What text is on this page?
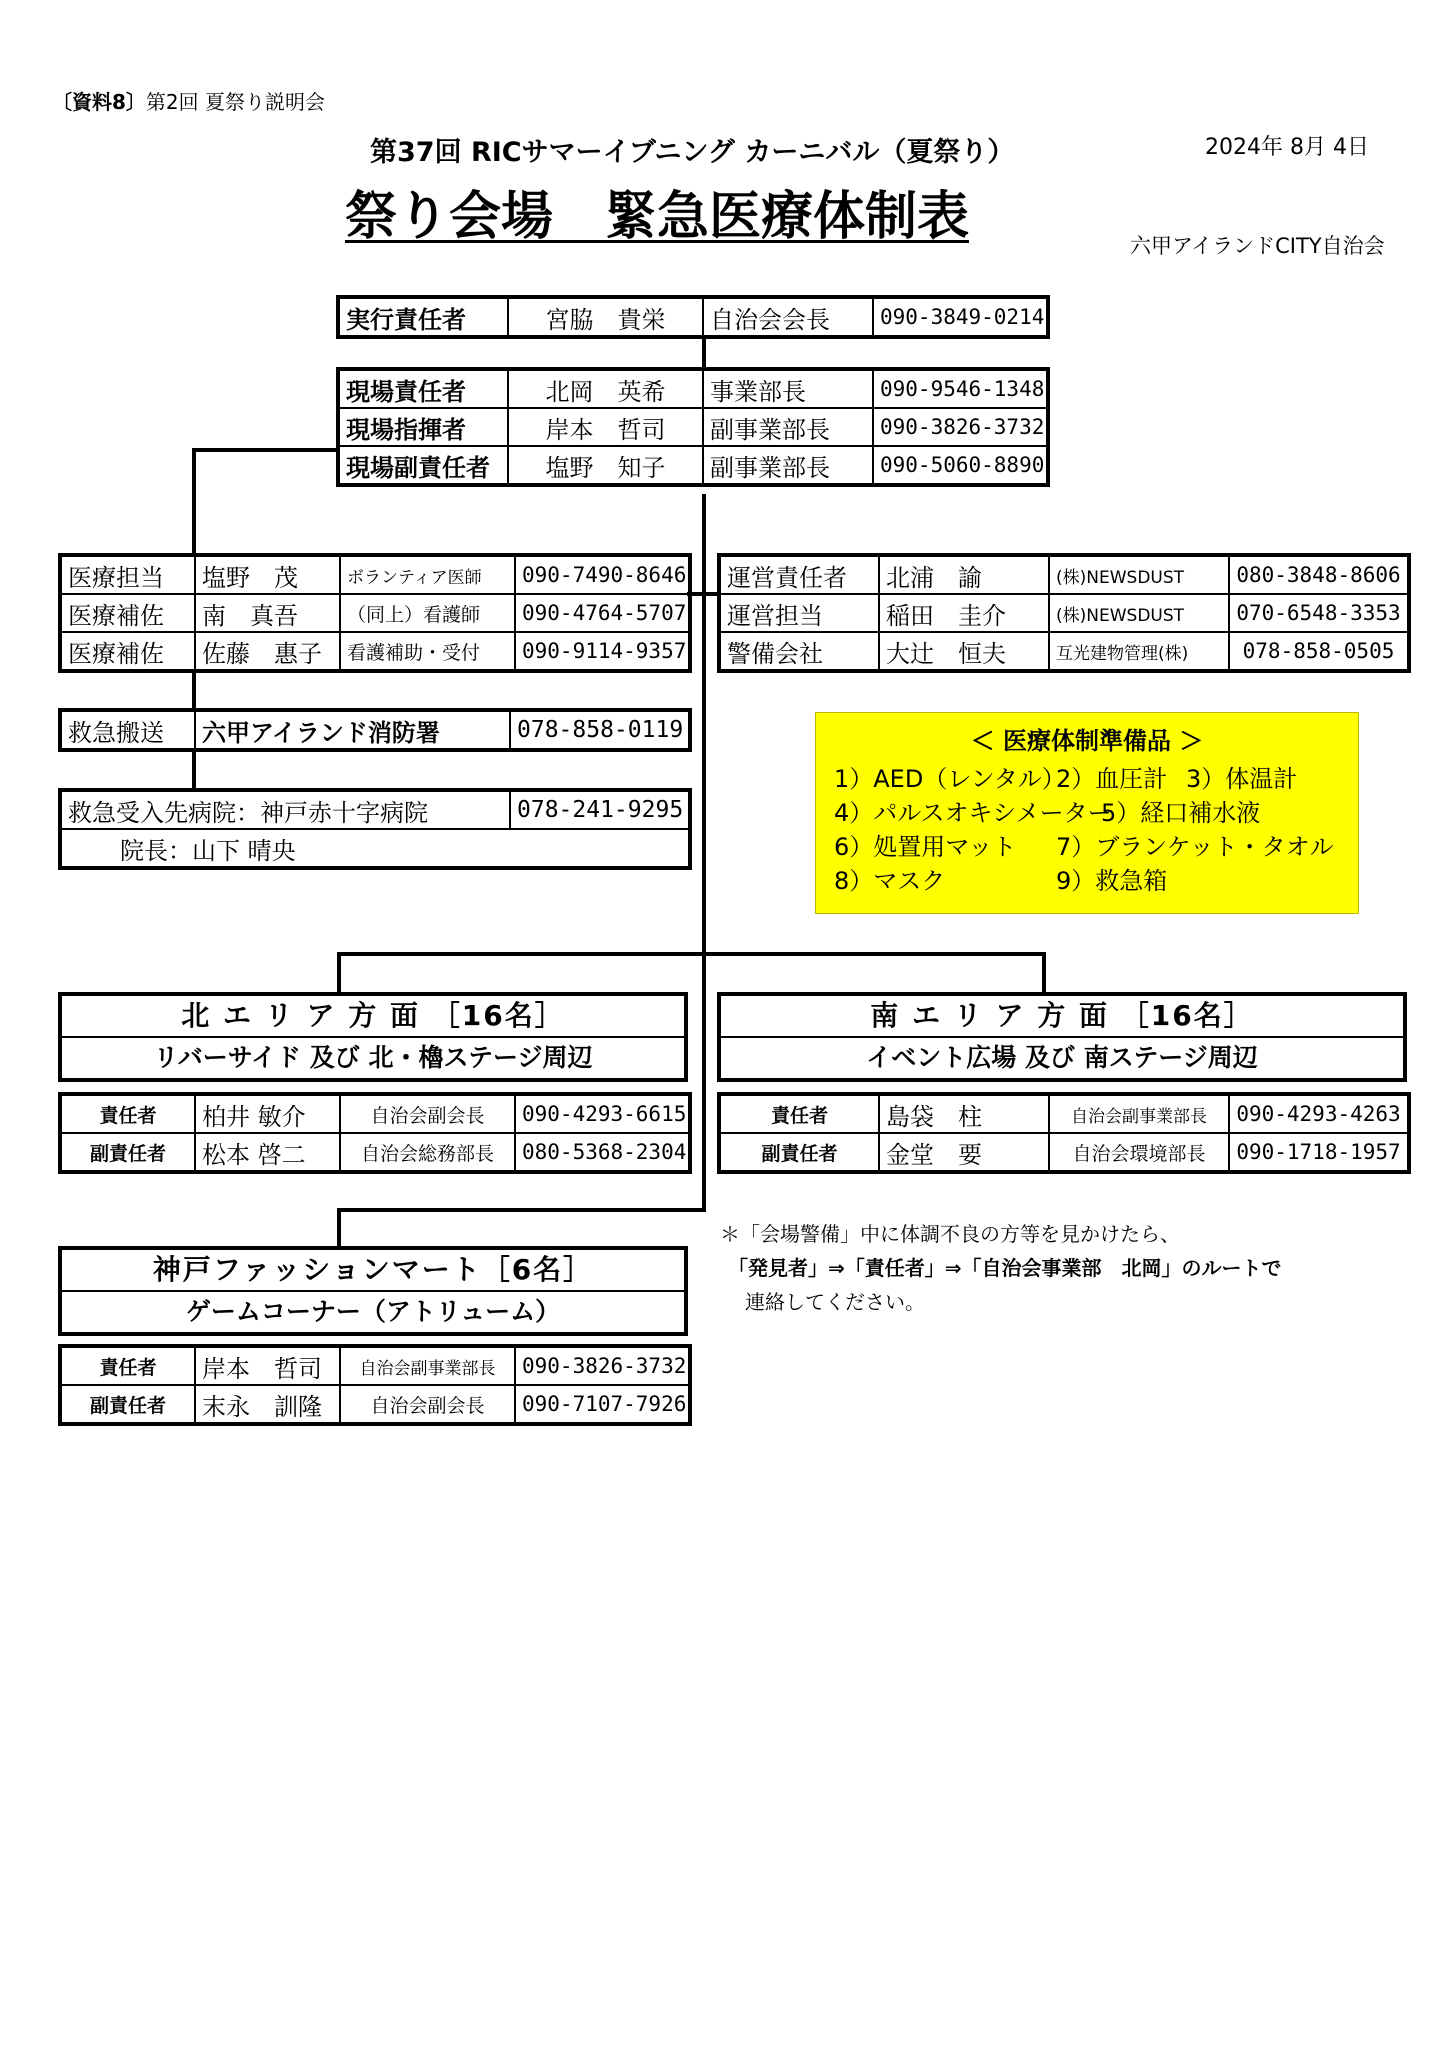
〔資料8〕第2回 夏祭り説明会
第37回 RICサマーイブニング カーニバル（夏祭り）	2024年 8月 4日
祭り会場　緊急医療体制表	六甲アイランドCITY自治会
実行責任者	宮脇　貴栄	自治会会長	090-3849-0214
現場責任者	北岡　英希	事業部長	090-9546-1348
現場指揮者	岸本　哲司	副事業部長	090-3826-3732
現場副責任者	塩野　知子	副事業部長	090-5060-8890
医療担当	塩野　茂	ボランティア医師	090-7490-8646
医療補佐	南　真吾	（同上）看護師	090-4764-5707
医療補佐	佐藤　惠子	看護補助・受付	090-9114-9357
運営責任者	北浦　諭	(株)NEWSDUST	080-3848-8606
運営担当	稲田　圭介	(株)NEWSDUST	070-6548-3353
警備会社	大辻　恒夫	互光建物管理(株)	078-858-0505
救急搬送	六甲アイランド消防署	078-858-0119
救急受入先病院：神戸赤十字病院	078-241-9295
院長：山下 晴央
＜ 医療体制準備品 ＞
1）AED（レンタル）
2）血圧計 3）体温計
4）パルスオキシメーター
5）経口補水液
6）処置用マット 7）ブランケット・タオル
8）マスク	9）救急箱
北 エ リ ア 方 面 ［16名］
リバーサイド 及び 北・櫓ステージ周辺
責任者	柏井 敏介	自治会副会長	090-4293-6615
副責任者	松本 啓二	自治会総務部長	080-5368-2304
南 エ リ ア 方 面 ［16名］
イベント広場 及び 南ステージ周辺
責任者	島袋　柱	自治会副事業部長	090-4293-4263
副責任者	金堂　要	自治会環境部長	090-1718-1957
神戸ファッションマート［6名］
ゲームコーナー（アトリューム）
責任者	岸本　哲司	自治会副事業部長	090-3826-3732
副責任者	末永　訓隆	自治会副会長	090-7107-7926
＊「会場警備」中に体調不良の方等を見かけたら、
「発見者」⇒「責任者」⇒「自治会事業部　北岡」のルートで
連絡してください。
